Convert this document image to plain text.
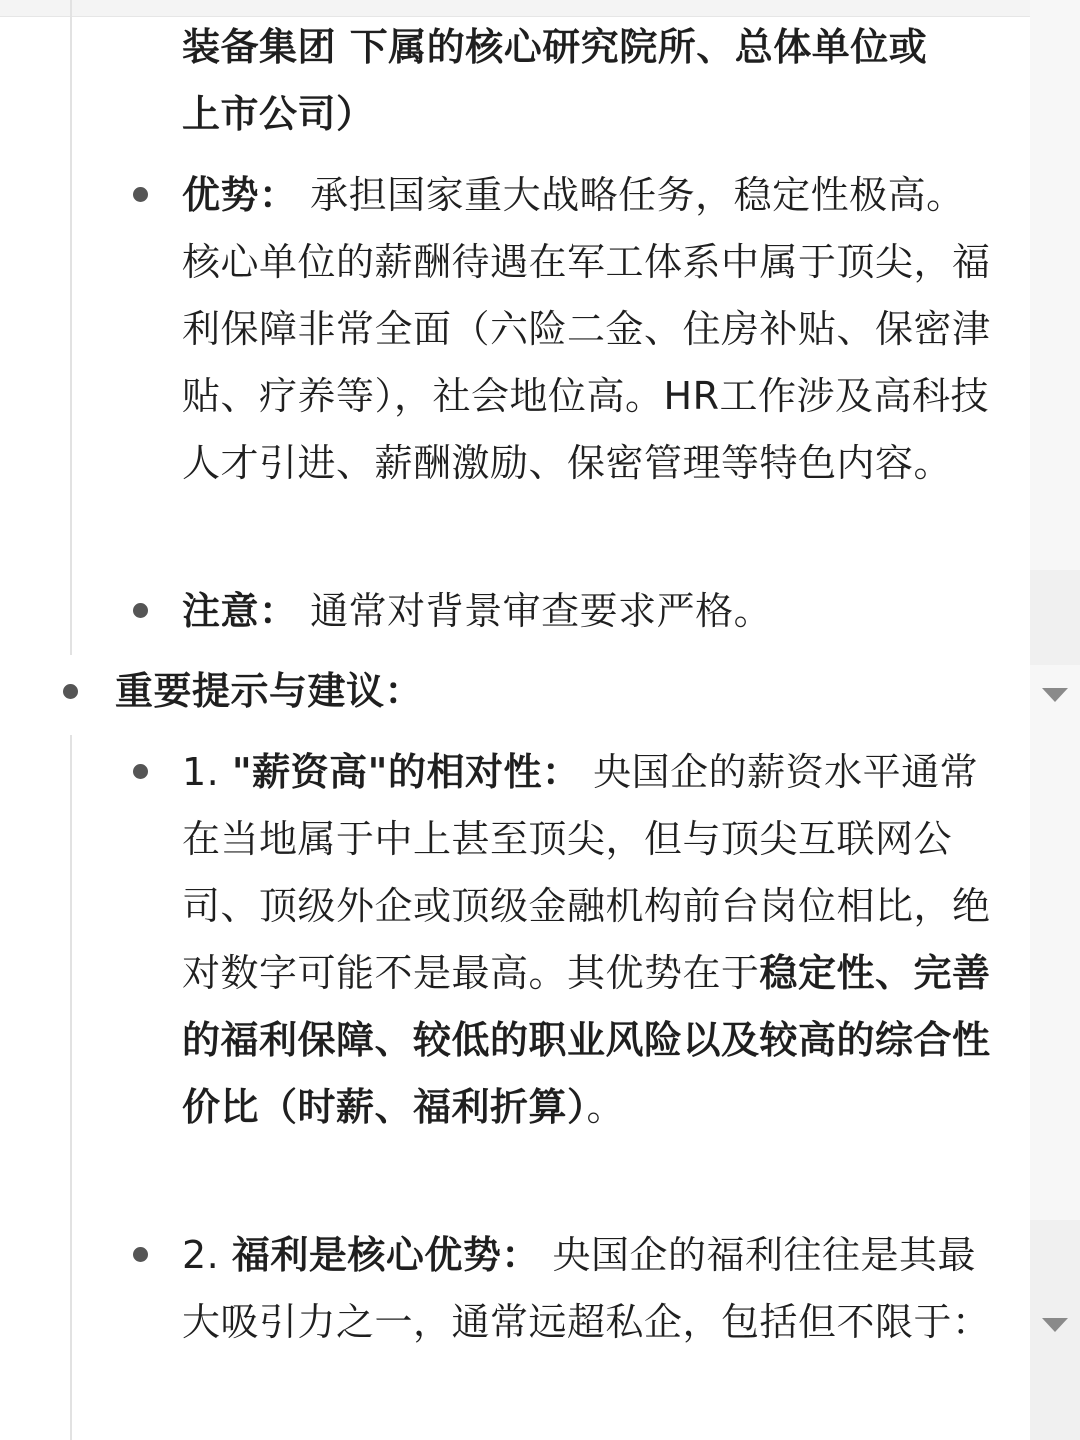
装备集团 下属的核心研究院所、总体单位或
上市公司）
优势： 承担国家重大战略任务，稳定性极高。核心单位的薪酬待遇在军工体系中属于顶尖，福利保障非常全面（六险二金、住房补贴、保密津贴、疗养等），社会地位高。HR工作涉及高科技人才引进、薪酬激励、保密管理等特色内容。
注意： 通常对背景审查要求严格。
重要提示与建议：
1. "薪资高"的相对性： 央国企的薪资水平通常在当地属于中上甚至顶尖，但与顶尖互联网公司、顶级外企或顶级金融机构前台岗位相比，绝对数字可能不是最高。其优势在于稳定性、完善的福利保障、较低的职业风险以及较高的综合性价比（时薪、福利折算）。
2. 福利是核心优势： 央国企的福利往往是其最大吸引力之一，通常远超私企，包括但不限于：
